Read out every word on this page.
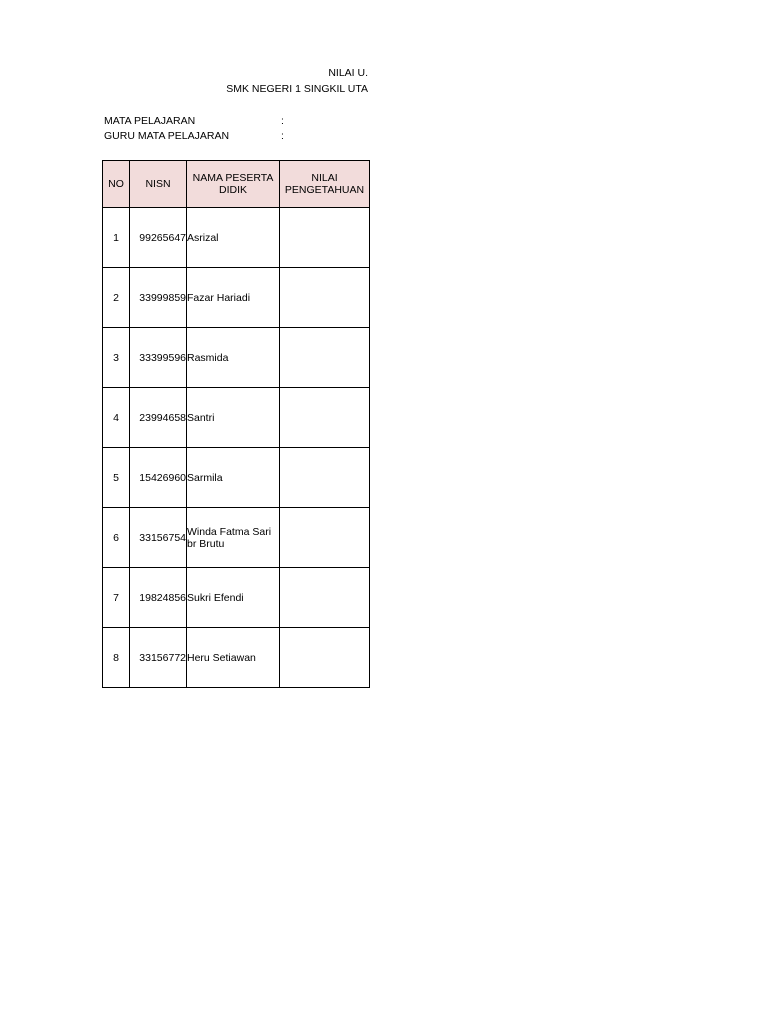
NILAI U.
SMK NEGERI 1 SINGKIL UTA
MATA PELAJARAN	:
GURU MATA PELAJARAN	:
NO	NISN	NAMA PESERTA DIDIK	NILAI PENGETAHUAN
1	99265647	Asrizal	
2	33999859	Fazar Hariadi	
3	33399596	Rasmida	
4	23994658	Santri	
5	15426960	Sarmila	
6	33156754	Winda Fatma Sari br Brutu	
7	19824856	Sukri Efendi	
8	33156772	Heru Setiawan	
